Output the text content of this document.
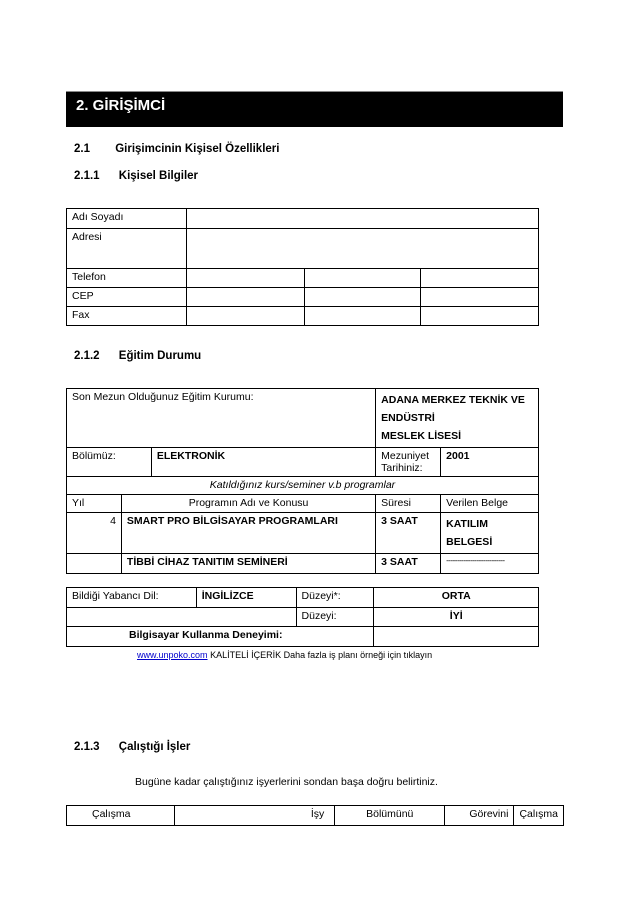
2. GİRİŞİMCİ
2.1 Girişimcinin Kişisel Özellikleri
2.1.1 Kişisel Bilgiler
Adı Soyadı			
Adresi			
Telefon			
CEP			
Fax			
2.1.2 Eğitim Durumu
Son Mezun Olduğunuz Eğitim Kurumu:			ADANA MERKEZ TEKNİK VE ENDÜSTRİ
MESLEK LİSESİ	

Bölümüz:		ELEKTRONİK	Mezuniyet Tarihiniz:	2001
Katıldığınız kurs/seminer v.b programlar				
Yıl	Programın Adı ve Konusu		Süresi	Verilen Belge
4	SMART PRO BİLGİSAYAR PROGRAMLARI		3 SAAT	KATILIM
BELGESİ

	TİBBİ CİHAZ TANITIM SEMİNERİ		3 SAAT	---------------------------
Bildiği Yabancı Dil:	İNGİLİZCE	Düzeyi*:	ORTA
		Düzeyi:	İYİ
Bilgisayar Kullanma Deneyimi:			
www.unpoko.com KALİTELİ İÇERİK Daha fazla iş planı örneği için tıklayın
2.1.3 Çalıştığı İşler
Bugüne kadar çalıştığınız işyerlerini sondan başa doğru belirtiniz.
Çalışma	İşy	Bölümünü	Görevini	Çalışma
